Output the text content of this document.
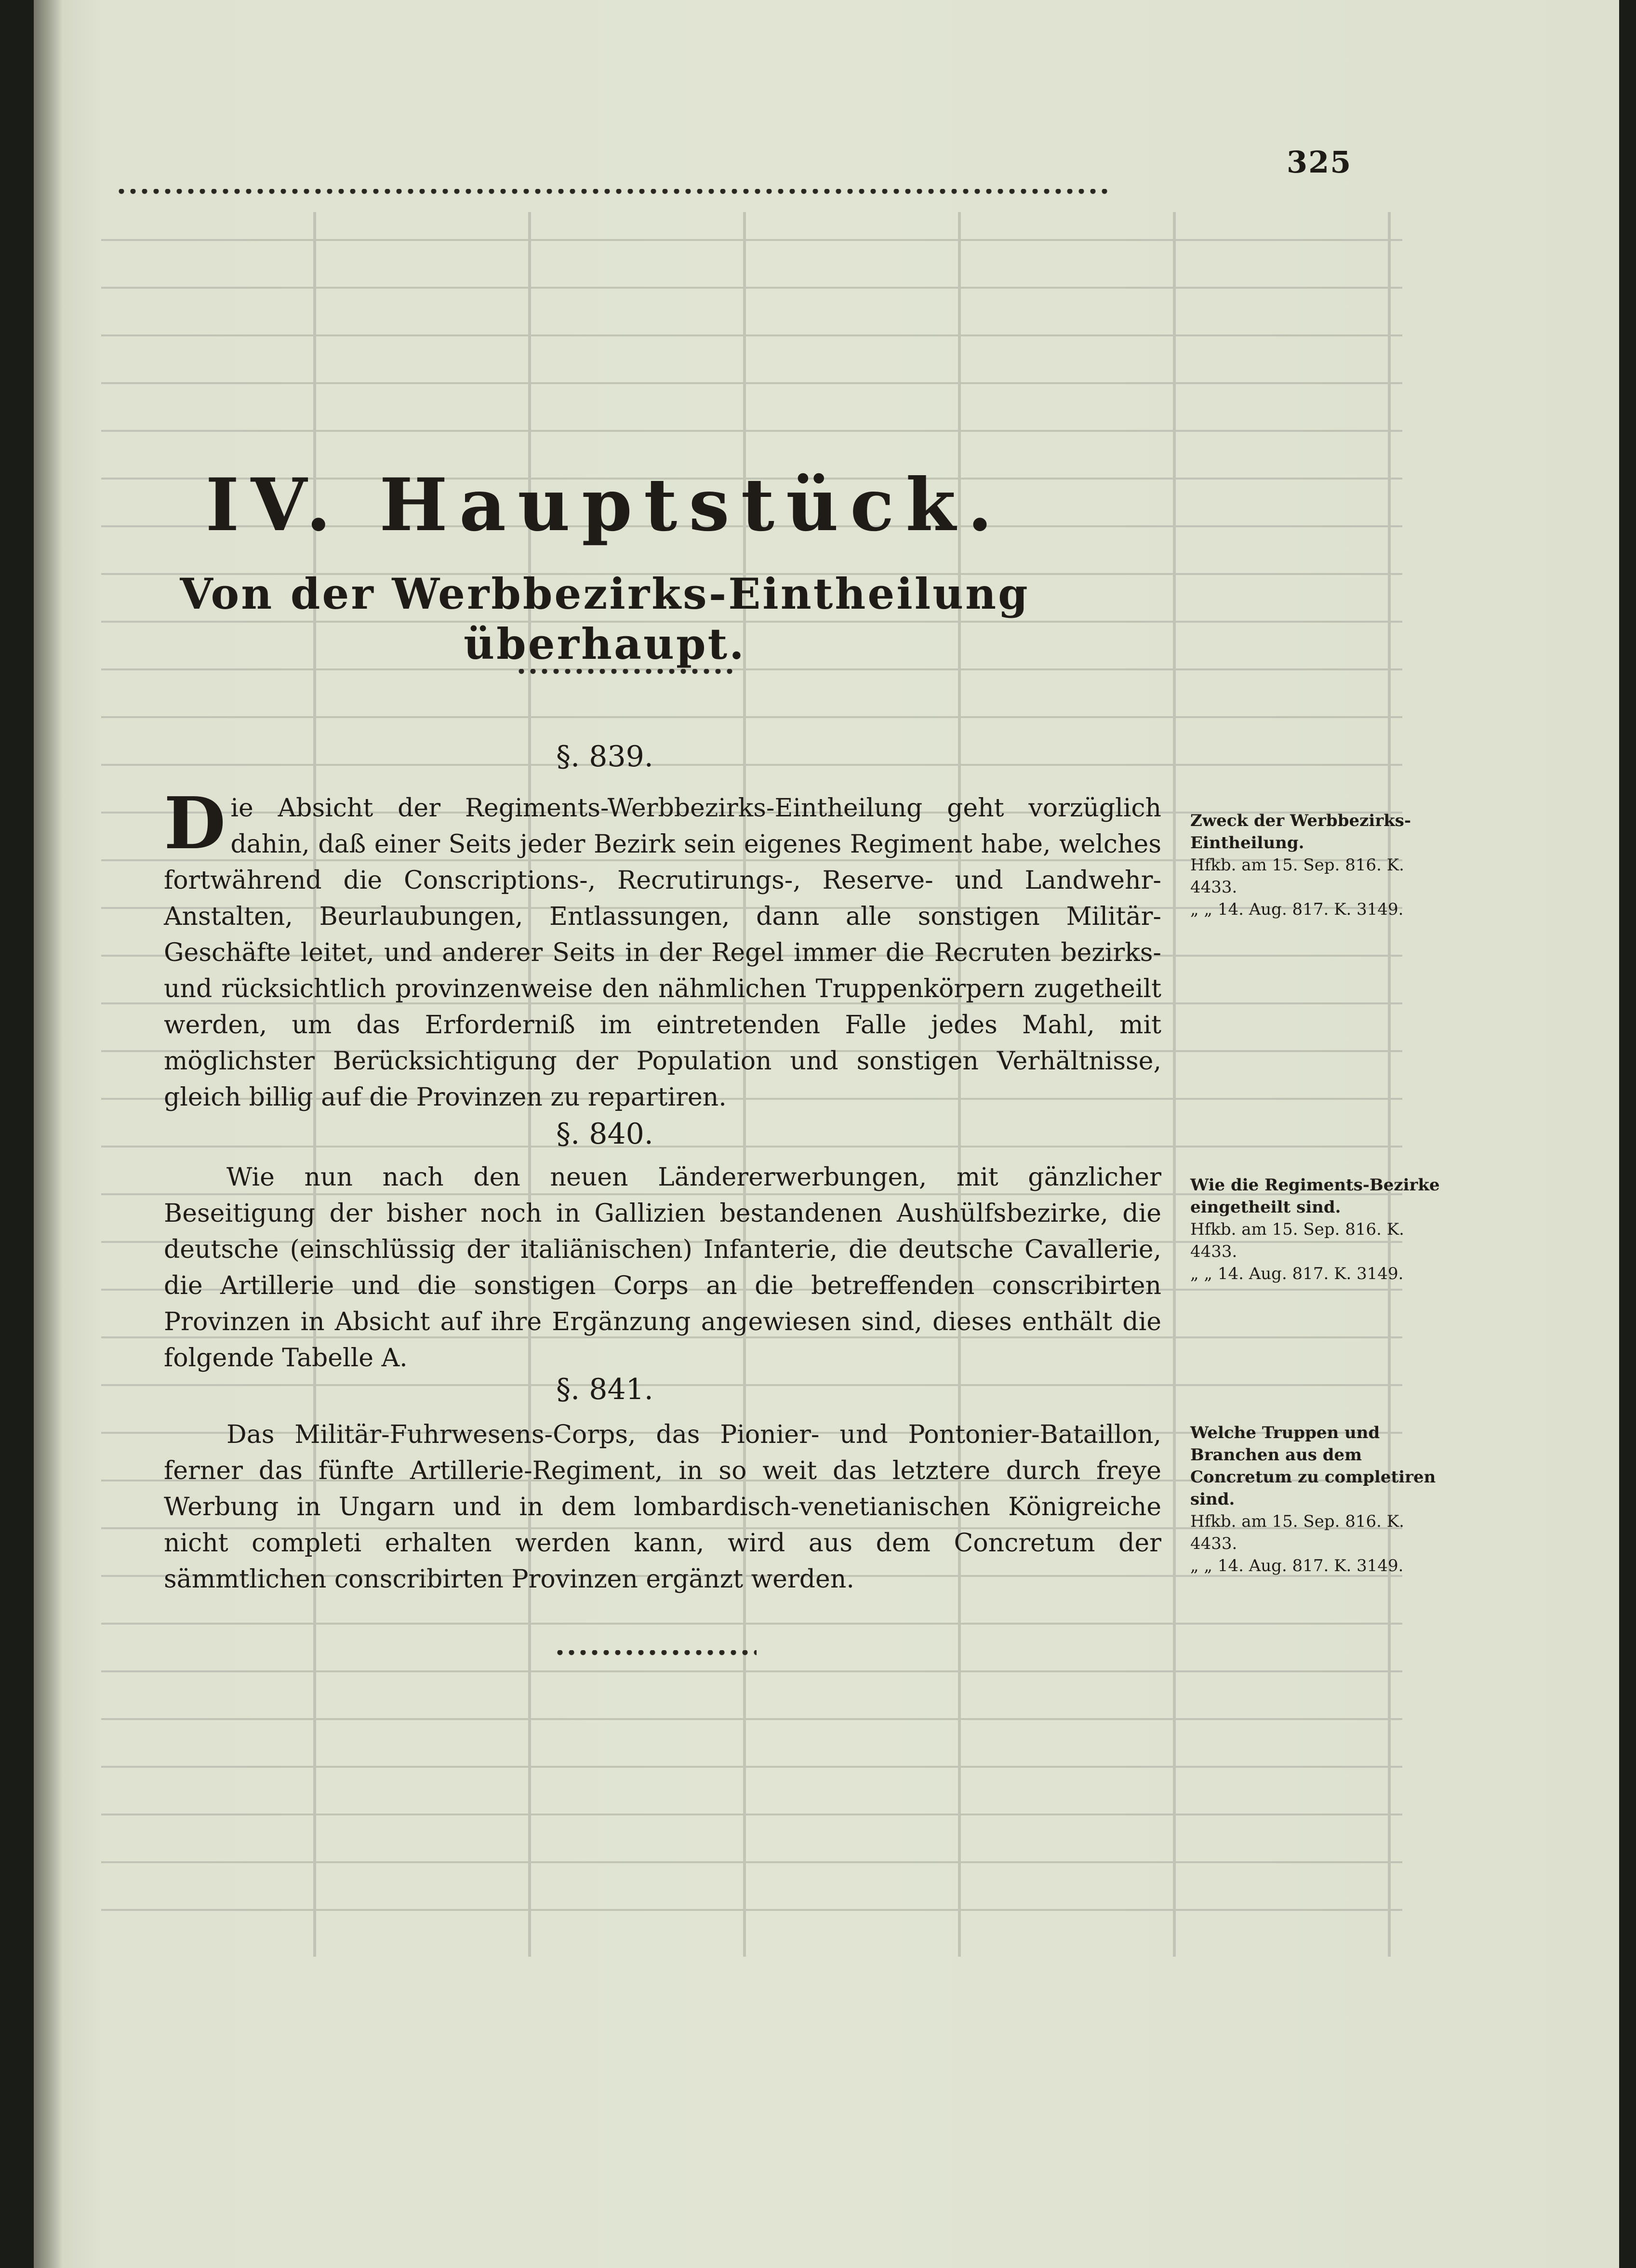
325
IV. Hauptstück.
Von der Werbbezirks-Eintheilung überhaupt.
§. 839.
D ie Absicht der Regiments-Werbbezirks-Eintheilung geht vorzüglich dahin, daß einer Seits jeder Bezirk sein eigenes Regiment habe, welches fortwährend die Conscriptions-, Recrutirungs-, Reserve- und Landwehr-Anstalten, Beurlaubungen, Entlassungen, dann alle sonstigen Militär-Geschäfte leitet, und anderer Seits in der Regel immer die Recruten bezirks- und rücksichtlich provinzenweise den nähmlichen Truppenkörpern zugetheilt werden, um das Erforderniß im eintretenden Falle jedes Mahl, mit möglichster Berücksichtigung der Population und sonstigen Verhältnisse, gleich billig auf die Provinzen zu repartiren.
Zweck der Werbbezirks-Eintheilung.
Hfkb. am 15. Sep. 816. K. 4433.
„ „ 14. Aug. 817. K. 3149.
§. 840.
Wie nun nach den neuen Ländererwerbungen, mit gänzlicher Beseitigung der bisher noch in Gallizien bestandenen Aushülfsbezirke, die deutsche (einschlüssig der italiänischen) Infanterie, die deutsche Cavallerie, die Artillerie und die sonstigen Corps an die betreffenden conscribirten Provinzen in Absicht auf ihre Ergänzung angewiesen sind, dieses enthält die folgende Tabelle A.
Wie die Regiments-Bezirke eingetheilt sind.
Hfkb. am 15. Sep. 816. K. 4433.
„ „ 14. Aug. 817. K. 3149.
§. 841.
Das Militär-Fuhrwesens-Corps, das Pionier- und Pontonier-Bataillon, ferner das fünfte Artillerie-Regiment, in so weit das letztere durch freye Werbung in Ungarn und in dem lombardisch-venetianischen Königreiche nicht completi erhalten werden kann, wird aus dem Concretum der sämmtlichen conscribirten Provinzen ergänzt werden.
Welche Truppen und Branchen aus dem Concretum zu completiren sind.
Hfkb. am 15. Sep. 816. K. 4433.
„ „ 14. Aug. 817. K. 3149.
